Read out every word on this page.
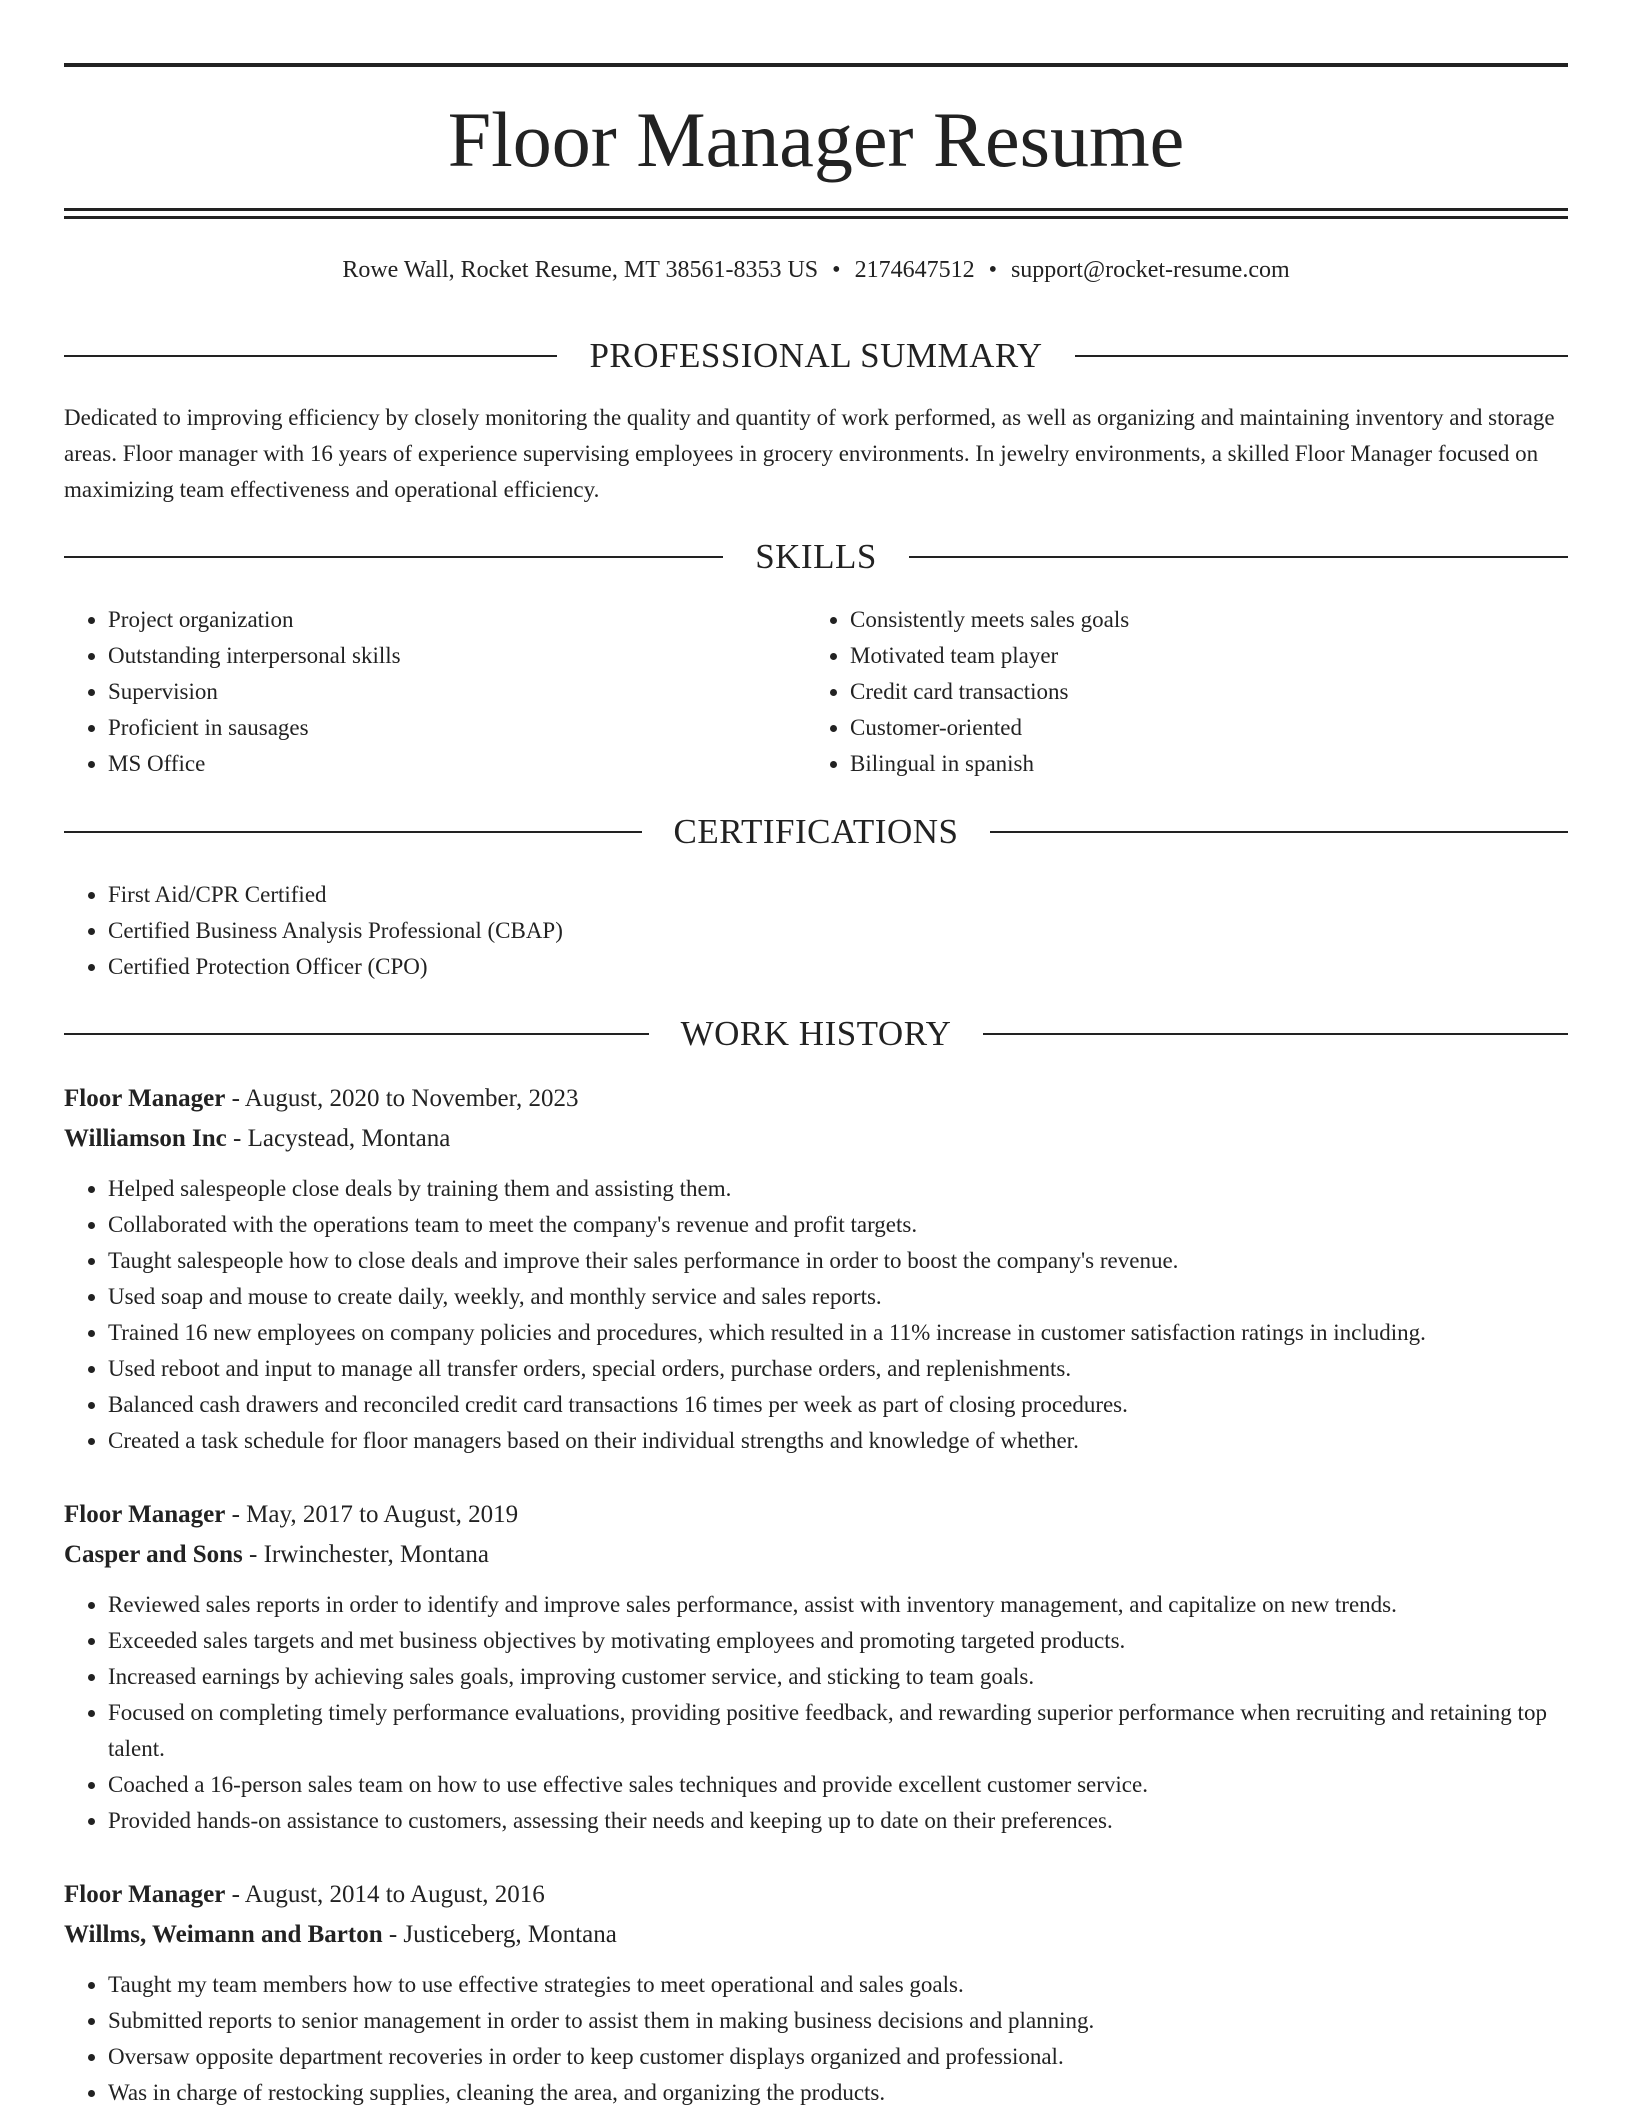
Floor Manager Resume
Rowe Wall, Rocket Resume, MT 38561-8353 US • 2174647512 • support@rocket-resume.com
PROFESSIONAL SUMMARY

Dedicated to improving efficiency by closely monitoring the quality and quantity of work performed, as well as organizing and maintaining inventory and storage areas. Floor manager with 16 years of experience supervising employees in grocery environments. In jewelry environments, a skilled Floor Manager focused on maximizing team effectiveness and operational efficiency.

SKILLS
• Project organization
• Outstanding interpersonal skills
• Supervision
• Proficient in sausages
• MS Office
• Consistently meets sales goals
• Motivated team player
• Credit card transactions
• Customer-oriented
• Bilingual in spanish
CERTIFICATIONS
• First Aid/CPR Certified
• Certified Business Analysis Professional (CBAP)
• Certified Protection Officer (CPO)
WORK HISTORY
Floor Manager - August, 2020 to November, 2023
Williamson Inc - Lacystead, Montana
• Helped salespeople close deals by training them and assisting them.
• Collaborated with the operations team to meet the company's revenue and profit targets.
• Taught salespeople how to close deals and improve their sales performance in order to boost the company's revenue.
• Used soap and mouse to create daily, weekly, and monthly service and sales reports.
• Trained 16 new employees on company policies and procedures, which resulted in a 11% increase in customer satisfaction ratings in including.
• Used reboot and input to manage all transfer orders, special orders, purchase orders, and replenishments.
• Balanced cash drawers and reconciled credit card transactions 16 times per week as part of closing procedures.
• Created a task schedule for floor managers based on their individual strengths and knowledge of whether.
Floor Manager - May, 2017 to August, 2019
Casper and Sons - Irwinchester, Montana
• Reviewed sales reports in order to identify and improve sales performance, assist with inventory management, and capitalize on new trends.
• Exceeded sales targets and met business objectives by motivating employees and promoting targeted products.
• Increased earnings by achieving sales goals, improving customer service, and sticking to team goals.
• Focused on completing timely performance evaluations, providing positive feedback, and rewarding superior performance when recruiting and retaining top talent.
• Coached a 16-person sales team on how to use effective sales techniques and provide excellent customer service.
• Provided hands-on assistance to customers, assessing their needs and keeping up to date on their preferences.
Floor Manager - August, 2014 to August, 2016
Willms, Weimann and Barton - Justiceberg, Montana
• Taught my team members how to use effective strategies to meet operational and sales goals.
• Submitted reports to senior management in order to assist them in making business decisions and planning.
• Oversaw opposite department recoveries in order to keep customer displays organized and professional.
• Was in charge of restocking supplies, cleaning the area, and organizing the products.
